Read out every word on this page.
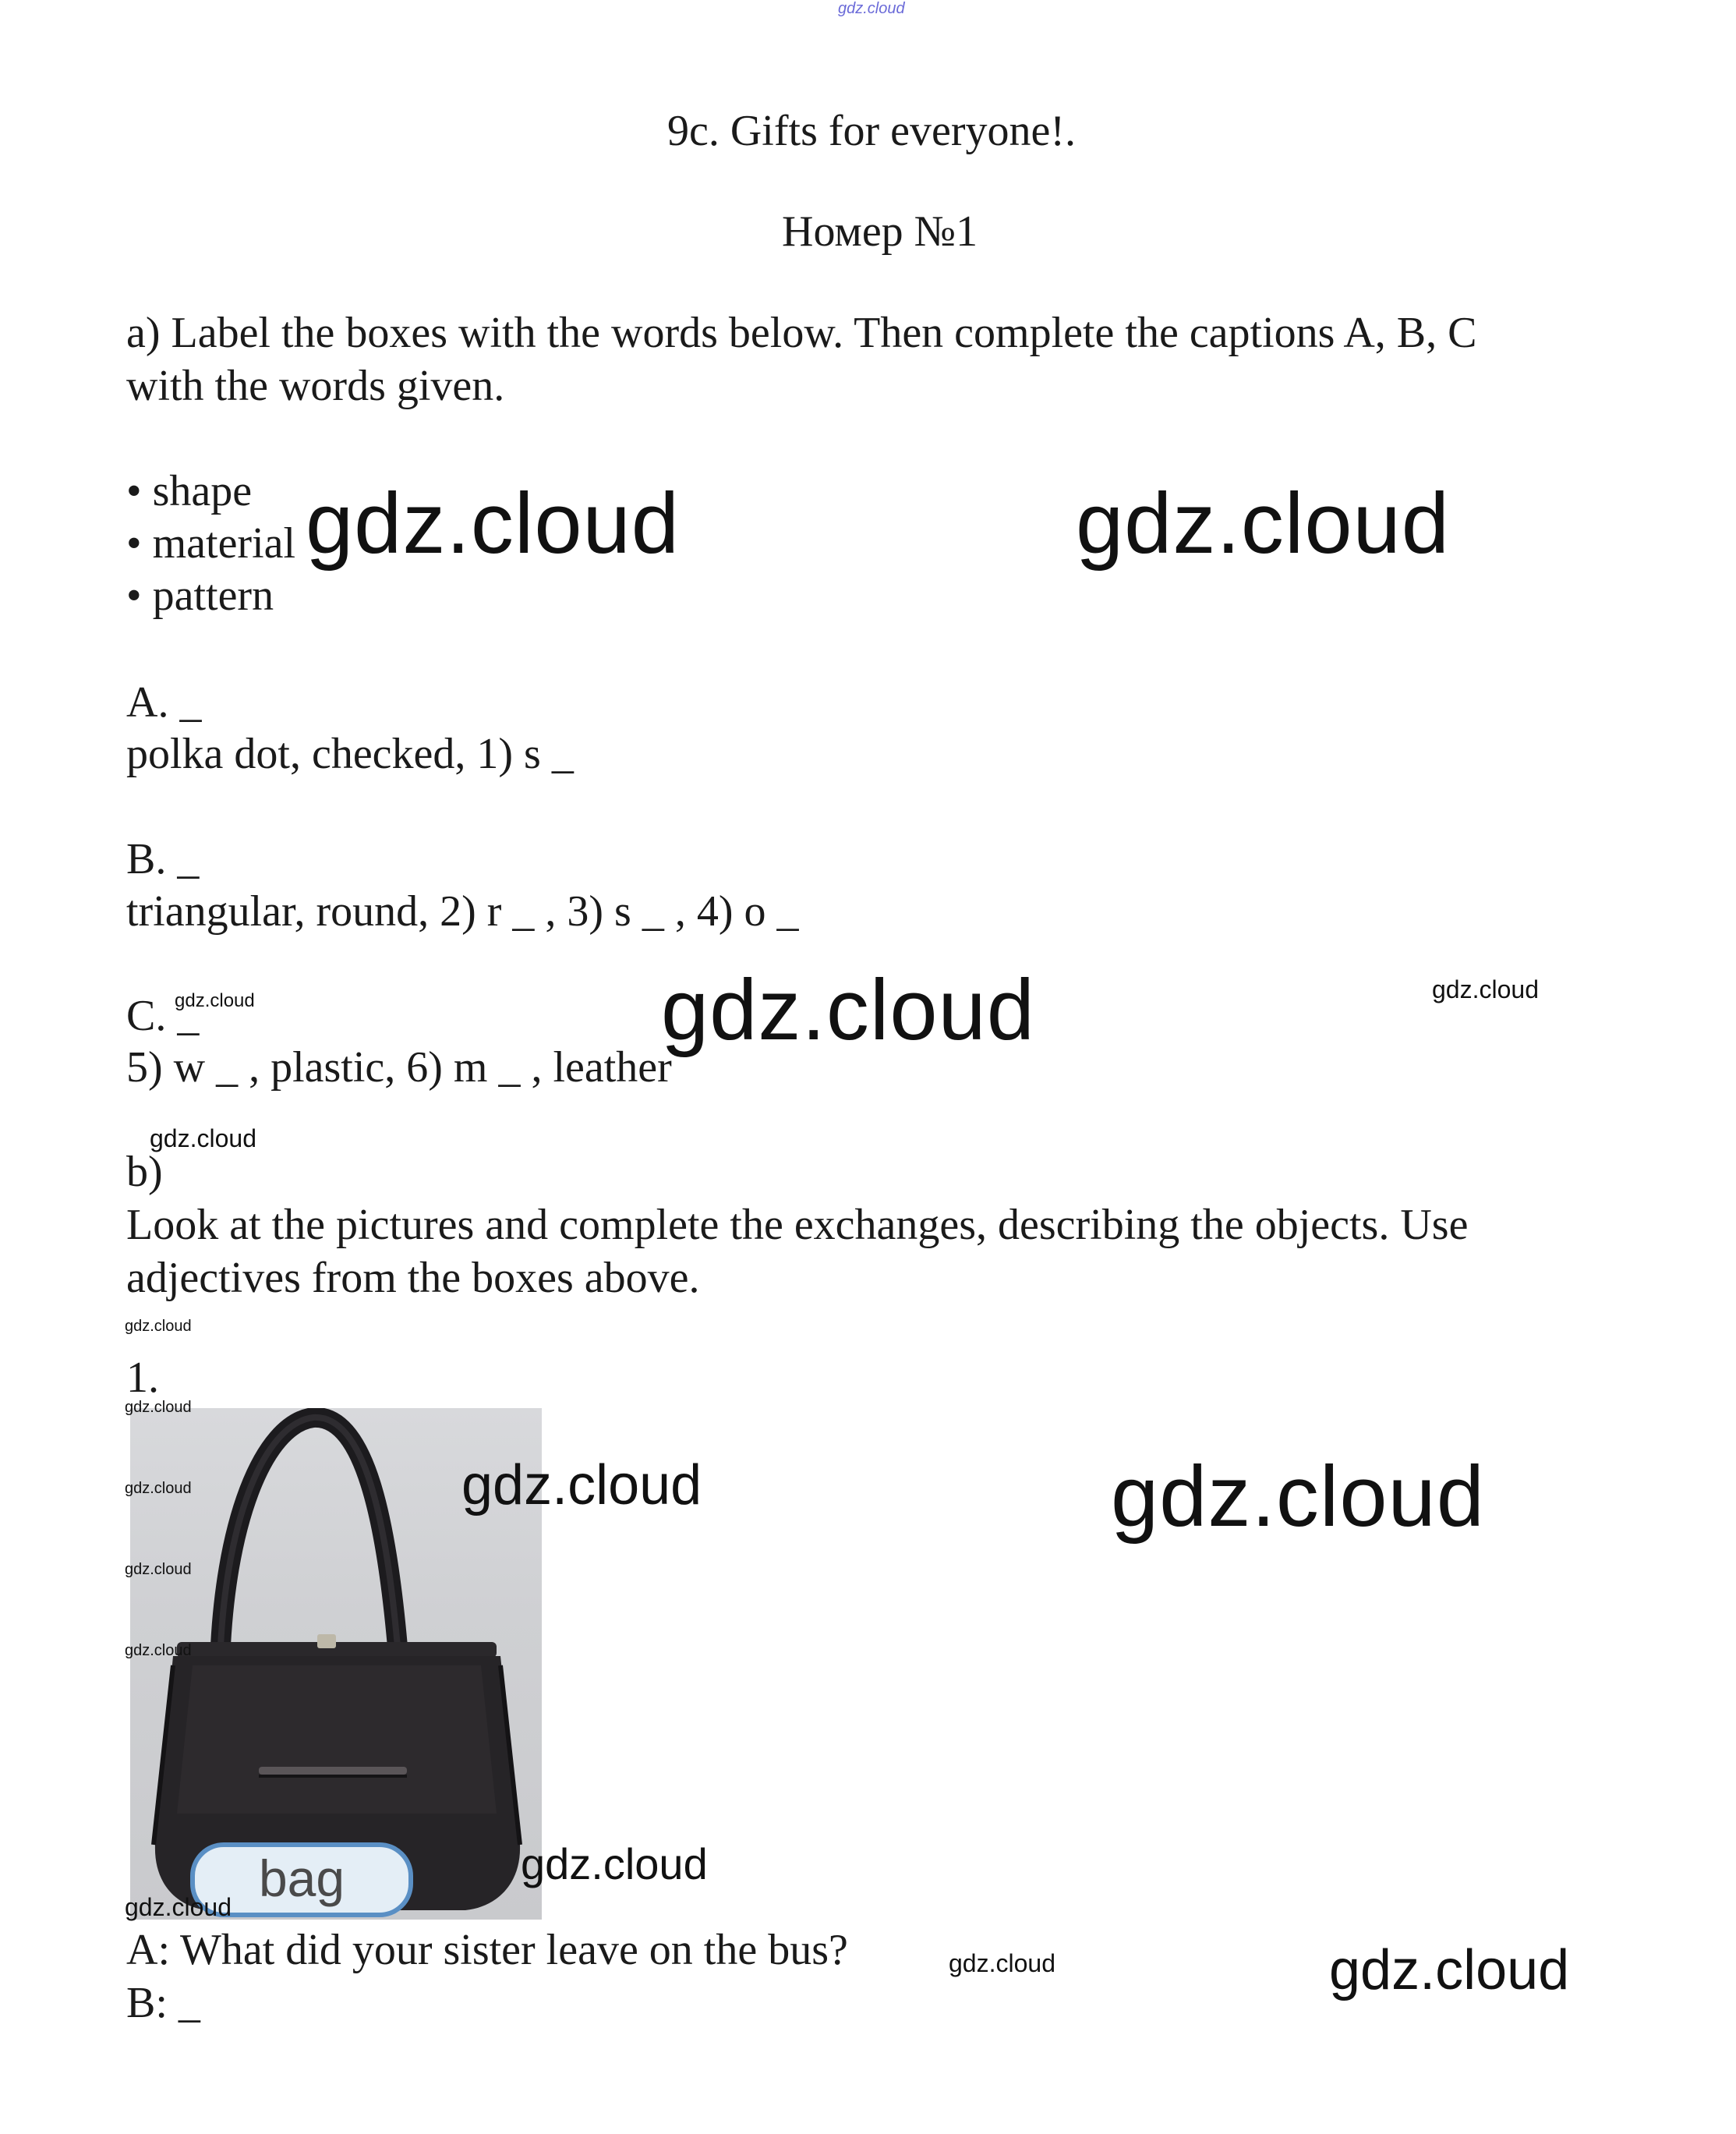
gdz.cloud
9c. Gifts for everyone!.
Номер №1
a) Label the boxes with the words below. Then complete the captions A, B, C
with the words given.
• shape
• material
• pattern
A. _
polka dot, checked, 1) s _
B. _
triangular, round, 2) r _ , 3) s _ , 4) o _
C. _
5) w _ , plastic, 6) m _ , leather
b)
Look at the pictures and complete the exchanges, describing the objects. Use
adjectives from the boxes above.
1.
bag
A: What did your sister leave on the bus?
B: _
gdz.cloud	gdz.cloud
gdz.cloud	gdz.cloud
gdz.cloud
gdz.cloud
gdz.cloud
gdz.cloud
gdz.cloud
gdz.cloud
gdz.cloud
gdz.cloud	gdz.cloud
gdz.cloud
gdz.cloud
gdz.cloud	gdz.cloud
